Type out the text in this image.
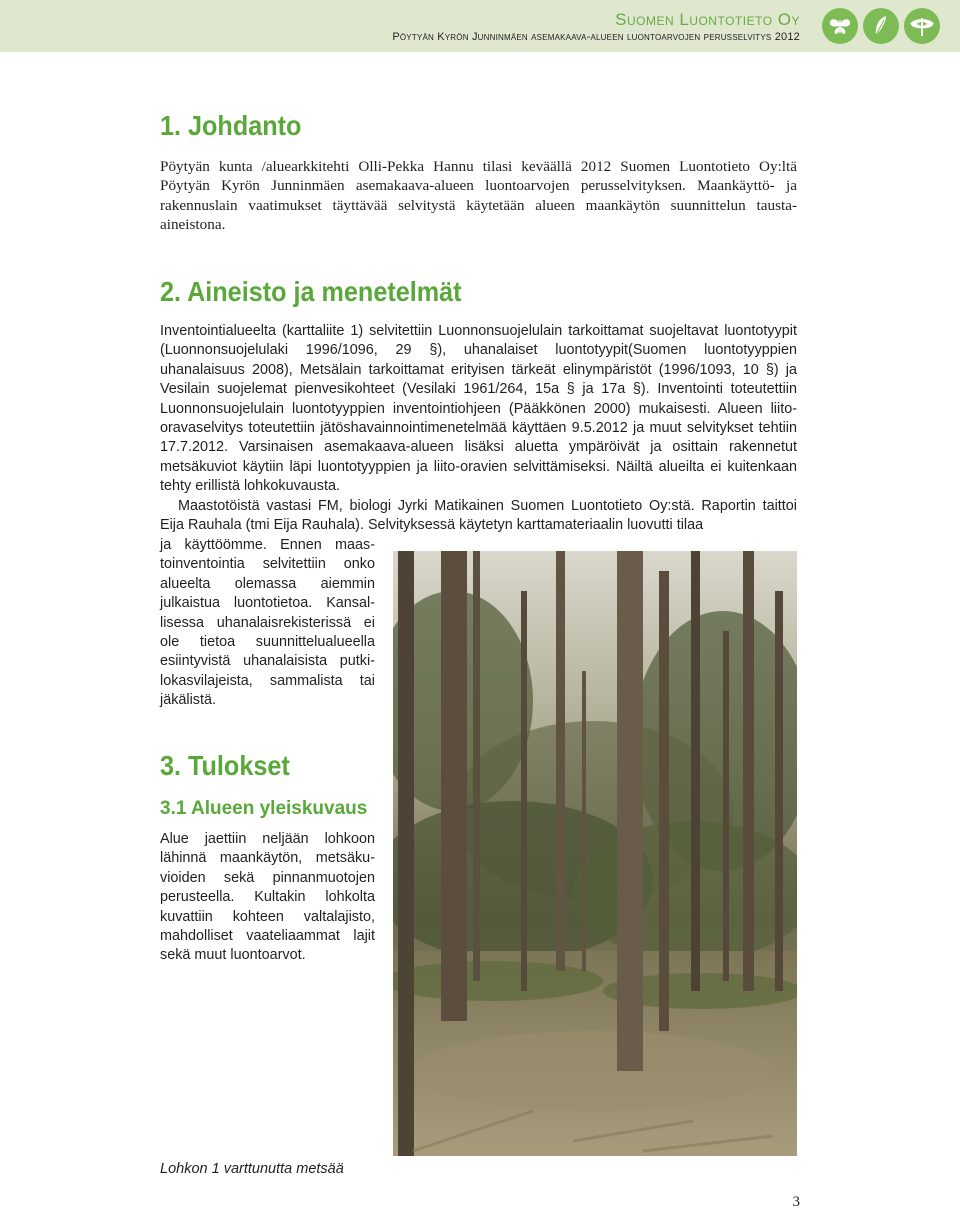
Suomen Luontotieto Oy
Pöytyän Kyrön Junninmäen asemakaava-alueen luontoarvojen perusselvitys 2012
1. Johdanto

Pöytyän kunta /aluearkkitehti Olli-Pekka Hannu tilasi keväällä 2012 Suomen Luontotieto Oy:ltä Pöytyän Kyrön Junninmäen asemakaava-alueen luontoarvojen perusselvityksen. Maankäyttö- ja rakennuslain vaatimukset täyttävää selvitystä käytetään alueen maankäytön suunnittelun tausta-aineistona.

2. Aineisto ja menetelmät

Inventointialueelta (karttaliite 1) selvitettiin Luonnonsuojelulain tarkoittamat suojeltavat luontotyypit (Luonnonsuojelulaki 1996/1096, 29 §), uhanalaiset luontotyypit(Suomen luontotyyppien uhanalaisuus 2008), Metsälain tarkoittamat erityisen tärkeät elinympäristöt (1996/1093, 10 §) ja Vesilain suojelemat pienvesikohteet (Vesilaki 1961/264, 15a § ja 17a §). Inventointi toteutettiin Luonnonsuojelulain luontotyyppien inventointiohjeen (Pääkkönen 2000) mukaisesti. Alueen liito-oravaselvitys toteutettiin jätöshavainnointimenetelmää käyttäen 9.5.2012 ja muut selvitykset tehtiin 17.7.2012. Varsinaisen asemakaava-alueen lisäksi aluetta ympäröivät ja osittain rakennetut metsäkuviot käytiin läpi luontotyyppien ja liito-oravien selvittämiseksi. Näiltä alueilta ei kuitenkaan tehty erillistä lohkokuvausta.

Maastotöistä vastasi FM, biologi Jyrki Matikainen Suomen Luontotieto Oy:stä. Raportin taittoi Eija Rauhala (tmi Eija Rauhala). Selvityksessä käytetyn karttamateriaalin luovutti tilaa

ja käyttöömme. Ennen maastoinventointia selvitettiin onko alueelta olemassa aiemmin julkaistua luontotietoa. Kansallisessa uhanalaisrekisterissä ei ole tietoa suunnittelualueella esiintyvistä uhanalaisista putkilokasvilajeista, sammalista tai jäkälistä.

3. Tulokset
3.1 Alueen yleiskuvaus

Alue jaettiin neljään lohkoon lähinnä maankäytön, metsäkuvioiden sekä pinnanmuotojen perusteella. Kultakin lohkolta kuvattiin kohteen valtalajisto, mahdolliset vaateliaammat lajit sekä muut luontoarvot.

Lohkon 1 varttunutta metsää
3
